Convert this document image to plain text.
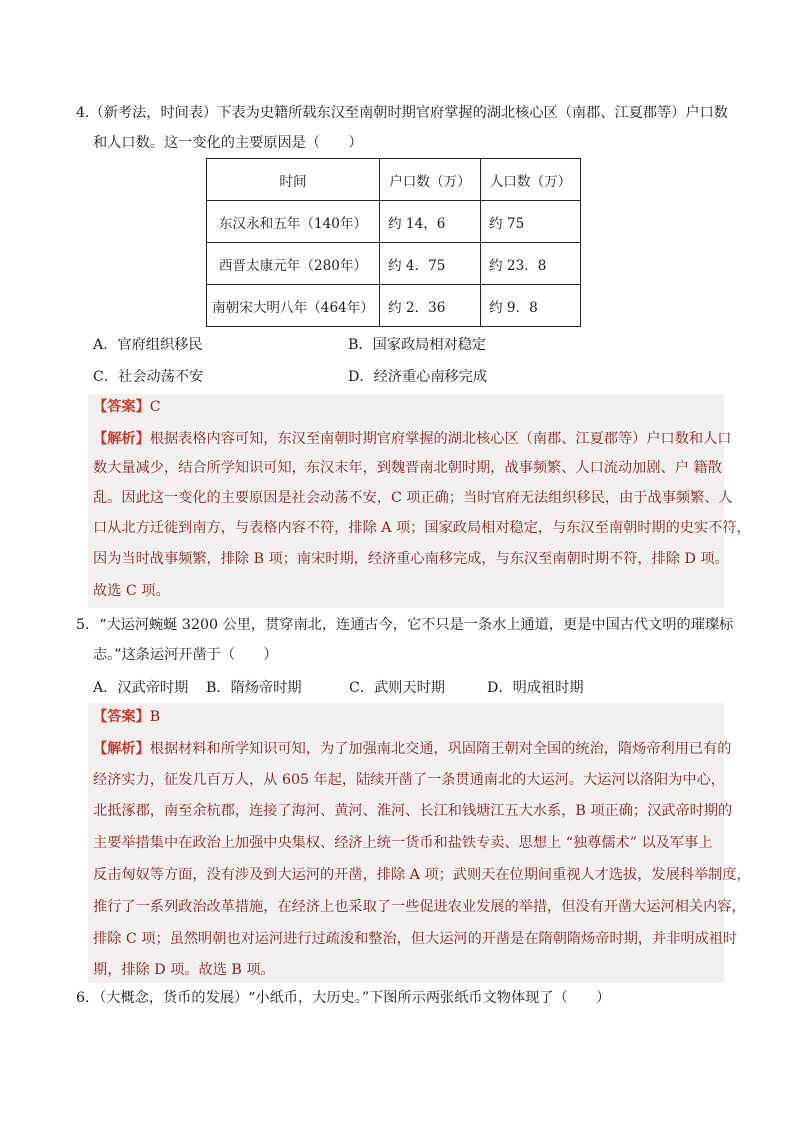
4.（新考法，时间表）下表为史籍所载东汉至南朝时期官府掌握的湖北核心区（南郡、江夏郡等）户口数
和人口数。这一变化的主要原因是（　　）
时间	户口数（万）	人口数（万）
东汉永和五年（140年）	约 14，6	约 75
西晋太康元年（280年）	约 4．75	约 23．8
南朝宋大明八年（464年）	约 2．36	约 9．8
A．官府组织移民	B．国家政局相对稳定
C．社会动荡不安	D．经济重心南移完成
【答案】C
【解析】根据表格内容可知，东汉至南朝时期官府掌握的湖北核心区（南郡、江夏郡等）户口数和人口
数大量减少，结合所学知识可知，东汉末年，到魏晋南北朝时期，战事频繁、人口流动加剧、户 籍散
乱。因此这一变化的主要原因是社会动荡不安，C 项正确；当时官府无法组织移民，由于战事频繁、人
口从北方迁徙到南方，与表格内容不符，排除 A 项；国家政局相对稳定，与东汉至南朝时期的史实不符，
因为当时战事频繁，排除 B 项；南宋时期，经济重心南移完成，与东汉至南朝时期不符，排除 D 项。
故选 C 项。
5．“大运河蜿蜒 3200 公里，贯穿南北，连通古今，它不只是一条水上通道，更是中国古代文明的璀璨标
志。”这条运河开凿于（　　）
A．汉武帝时期 B．隋炀帝时期	C．武则天时期	D．明成祖时期
【答案】B
【解析】根据材料和所学知识可知，为了加强南北交通，巩固隋王朝对全国的统治，隋炀帝利用已有的
经济实力，征发几百万人，从 605 年起，陆续开凿了一条贯通南北的大运河。大运河以洛阳为中心，
北抵涿郡，南至余杭郡，连接了海河、黄河、淮河、长江和钱塘江五大水系，B 项正确；汉武帝时期的
主要举措集中在政治上加强中央集权、经济上统一货币和盐铁专卖、思想上 “独尊儒术” 以及军事上
反击匈奴等方面，没有涉及到大运河的开凿，排除 A 项；武则天在位期间重视人才选拔，发展科举制度，
推行了一系列政治改革措施，在经济上也采取了一些促进农业发展的举措，但没有开凿大运河相关内容，
排除 C 项；虽然明朝也对运河进行过疏浚和整治，但大运河的开凿是在隋朝隋炀帝时期，并非明成祖时
期，排除 D 项。故选 B 项。
6．（大概念，货币的发展）“小纸币，大历史。”下图所示两张纸币文物体现了（　　）
